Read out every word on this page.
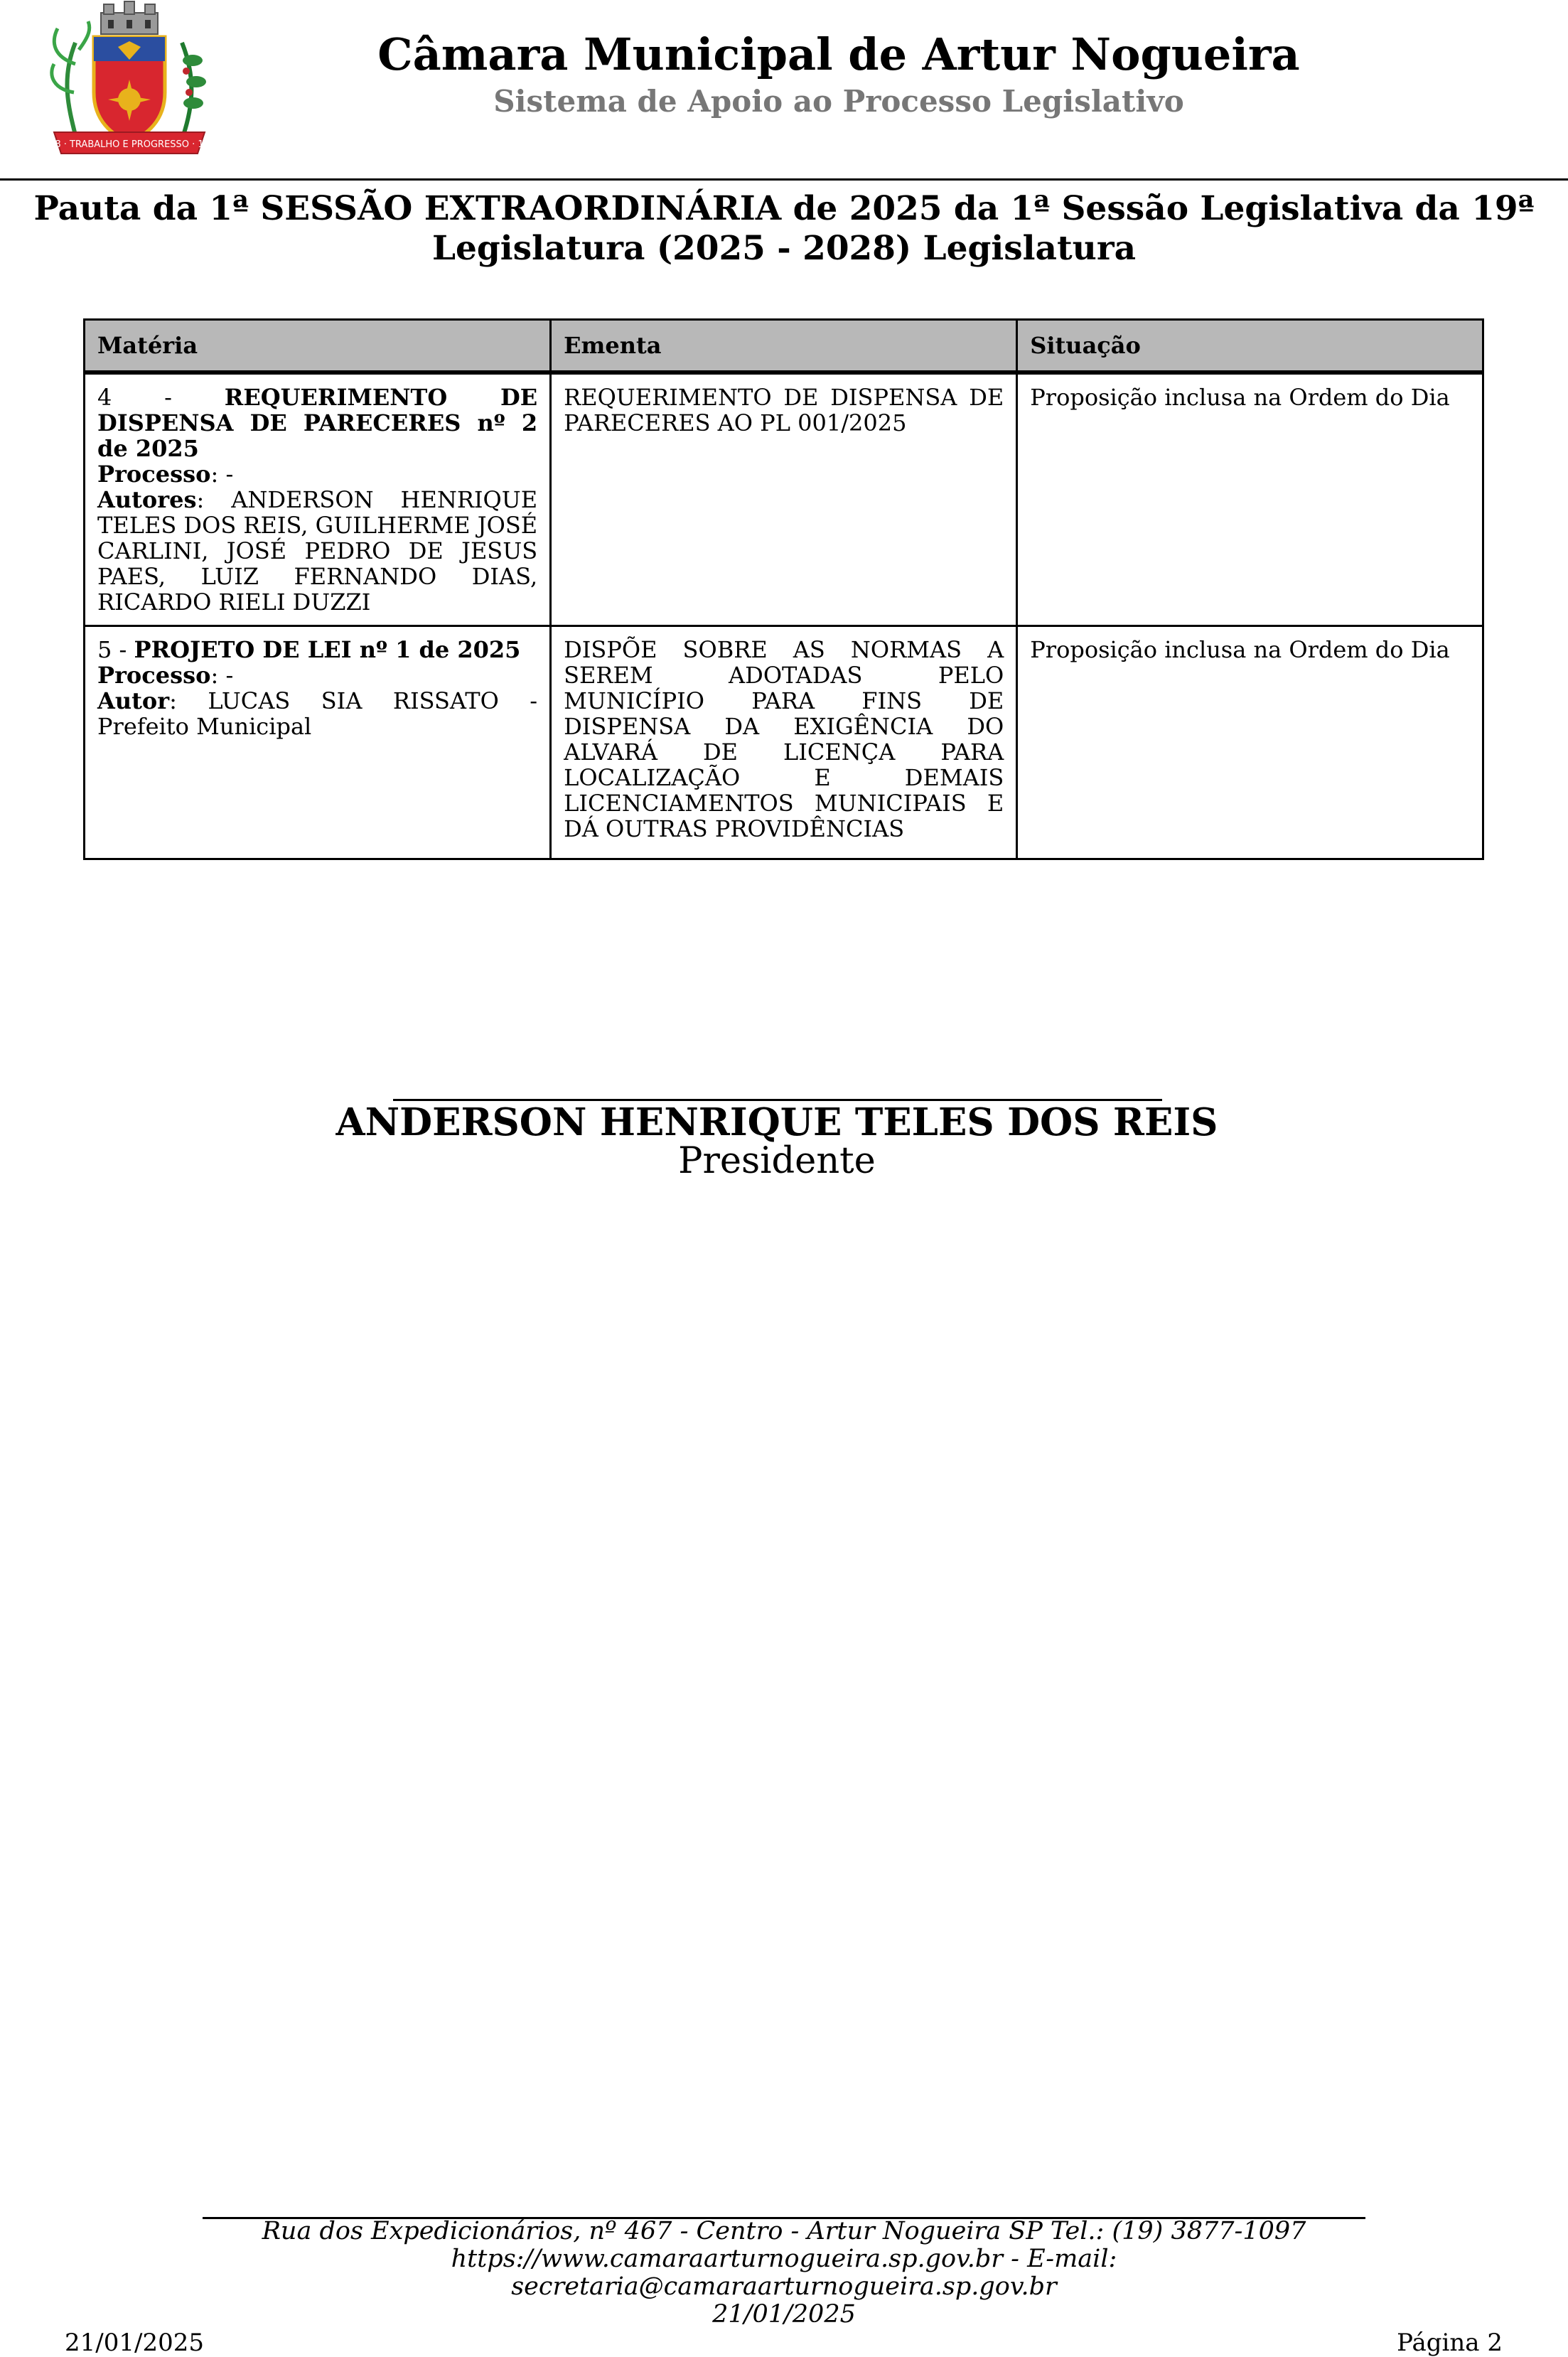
1948 · TRABALHO E PROGRESSO · 1948
Câmara Municipal de Artur Nogueira
Sistema de Apoio ao Processo Legislativo
Pauta da 1ª SESSÃO EXTRAORDINÁRIA de 2025 da 1ª Sessão Legislativa da 19ª Legislatura (2025 - 2028) Legislatura
Matéria	Ementa	Situação
4 - REQUERIMENTO DE DISPENSA DE PARECERES nº 2 de 2025
Processo: -
Autores: ANDERSON HENRIQUE TELES DOS REIS, GUILHERME JOSÉ CARLINI, JOSÉ PEDRO DE JESUS PAES, LUIZ FERNANDO DIAS, RICARDO RIELI DUZZI	REQUERIMENTO DE DISPENSA DE PARECERES AO PL 001/2025	Proposição inclusa na Ordem do Dia
5 - PROJETO DE LEI nº 1 de 2025
Processo: -
Autor: LUCAS SIA RISSATO - Prefeito Municipal	DISPÕE SOBRE AS NORMAS A SEREM ADOTADAS PELO MUNICÍPIO PARA FINS DE DISPENSA DA EXIGÊNCIA DO ALVARÁ DE LICENÇA PARA LOCALIZAÇÃO E DEMAIS LICENCIAMENTOS MUNICIPAIS E DÁ OUTRAS PROVIDÊNCIAS	Proposição inclusa na Ordem do Dia
ANDERSON HENRIQUE TELES DOS REIS
Presidente
Rua dos Expedicionários, nº 467 - Centro - Artur Nogueira SP Tel.: (19) 3877-1097 https://www.camaraarturnogueira.sp.gov.br - E-mail: secretaria@camaraarturnogueira.sp.gov.br
21/01/2025
21/01/2025	Página 2
